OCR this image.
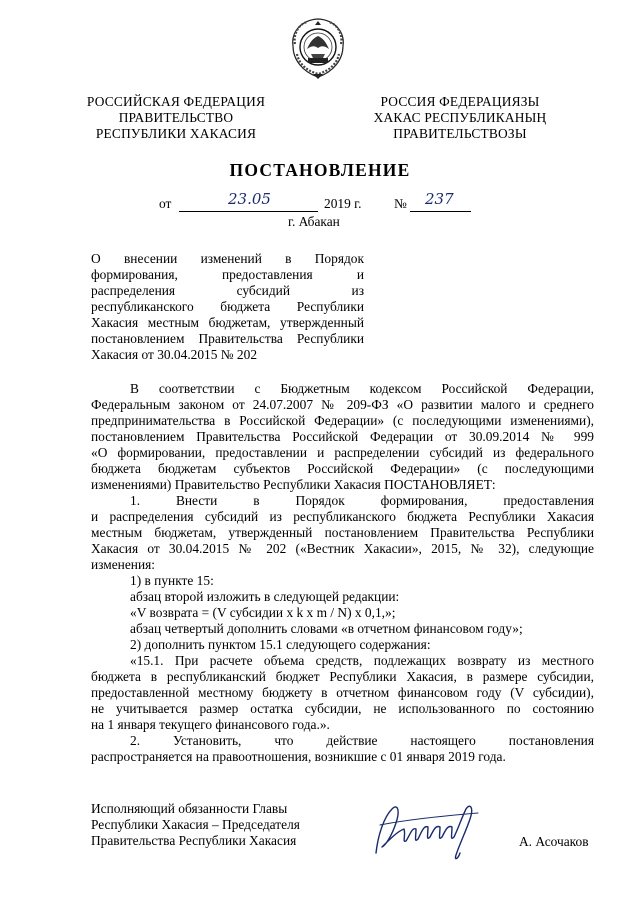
РОССИЙСКАЯ ФЕДЕРАЦИЯ
ПРАВИТЕЛЬСТВО
РЕСПУБЛИКИ ХАКАСИЯ
РОССИЯ ФЕДЕРАЦИЯЗЫ
ХАКАС РЕСПУБЛИКАНЫҢ
ПРАВИТЕЛЬСТВОЗЫ
ПОСТАНОВЛЕНИЕ
от	23.05	2019 г. № 237
г. Абакан
О внесении изменений в Порядок
формирования, предоставления и
распределения субсидий из
республиканского бюджета Республики
Хакасия местным бюджетам, утвержденный
постановлением Правительства Республики
Хакасия от 30.04.2015 № 202
В соответствии с Бюджетным кодексом Российской Федерации,
Федеральным законом от 24.07.2007 № 209-ФЗ «О развитии малого и среднего
предпринимательства в Российской Федерации» (с последующими изменениями),
постановлением Правительства Российской Федерации от 30.09.2014 № 999
«О формировании, предоставлении и распределении субсидий из федерального
бюджета бюджетам субъектов Российской Федерации» (с последующими
изменениями) Правительство Республики Хакасия ПОСТАНОВЛЯЕТ:
1. Внести в Порядок формирования, предоставления
и распределения субсидий из республиканского бюджета Республики Хакасия
местным бюджетам, утвержденный постановлением Правительства Республики
Хакасия от 30.04.2015 № 202 («Вестник Хакасии», 2015, № 32), следующие
изменения:
1) в пункте 15:
абзац второй изложить в следующей редакции:
«V возврата = (V субсидии x k x m / N) x 0,1,»;
абзац четвертый дополнить словами «в отчетном финансовом году»;
2) дополнить пунктом 15.1 следующего содержания:
«15.1. При расчете объема средств, подлежащих возврату из местного
бюджета в республиканский бюджет Республики Хакасия, в размере субсидии,
предоставленной местному бюджету в отчетном финансовом году (V субсидии),
не учитывается размер остатка субсидии, не использованного по состоянию
на 1 января текущего финансового года.».
2. Установить, что действие настоящего постановления
распространяется на правоотношения, возникшие с 01 января 2019 года.
Исполняющий обязанности Главы
Республики Хакасия – Председателя
Правительства Республики Хакасия	А. Асочаков
